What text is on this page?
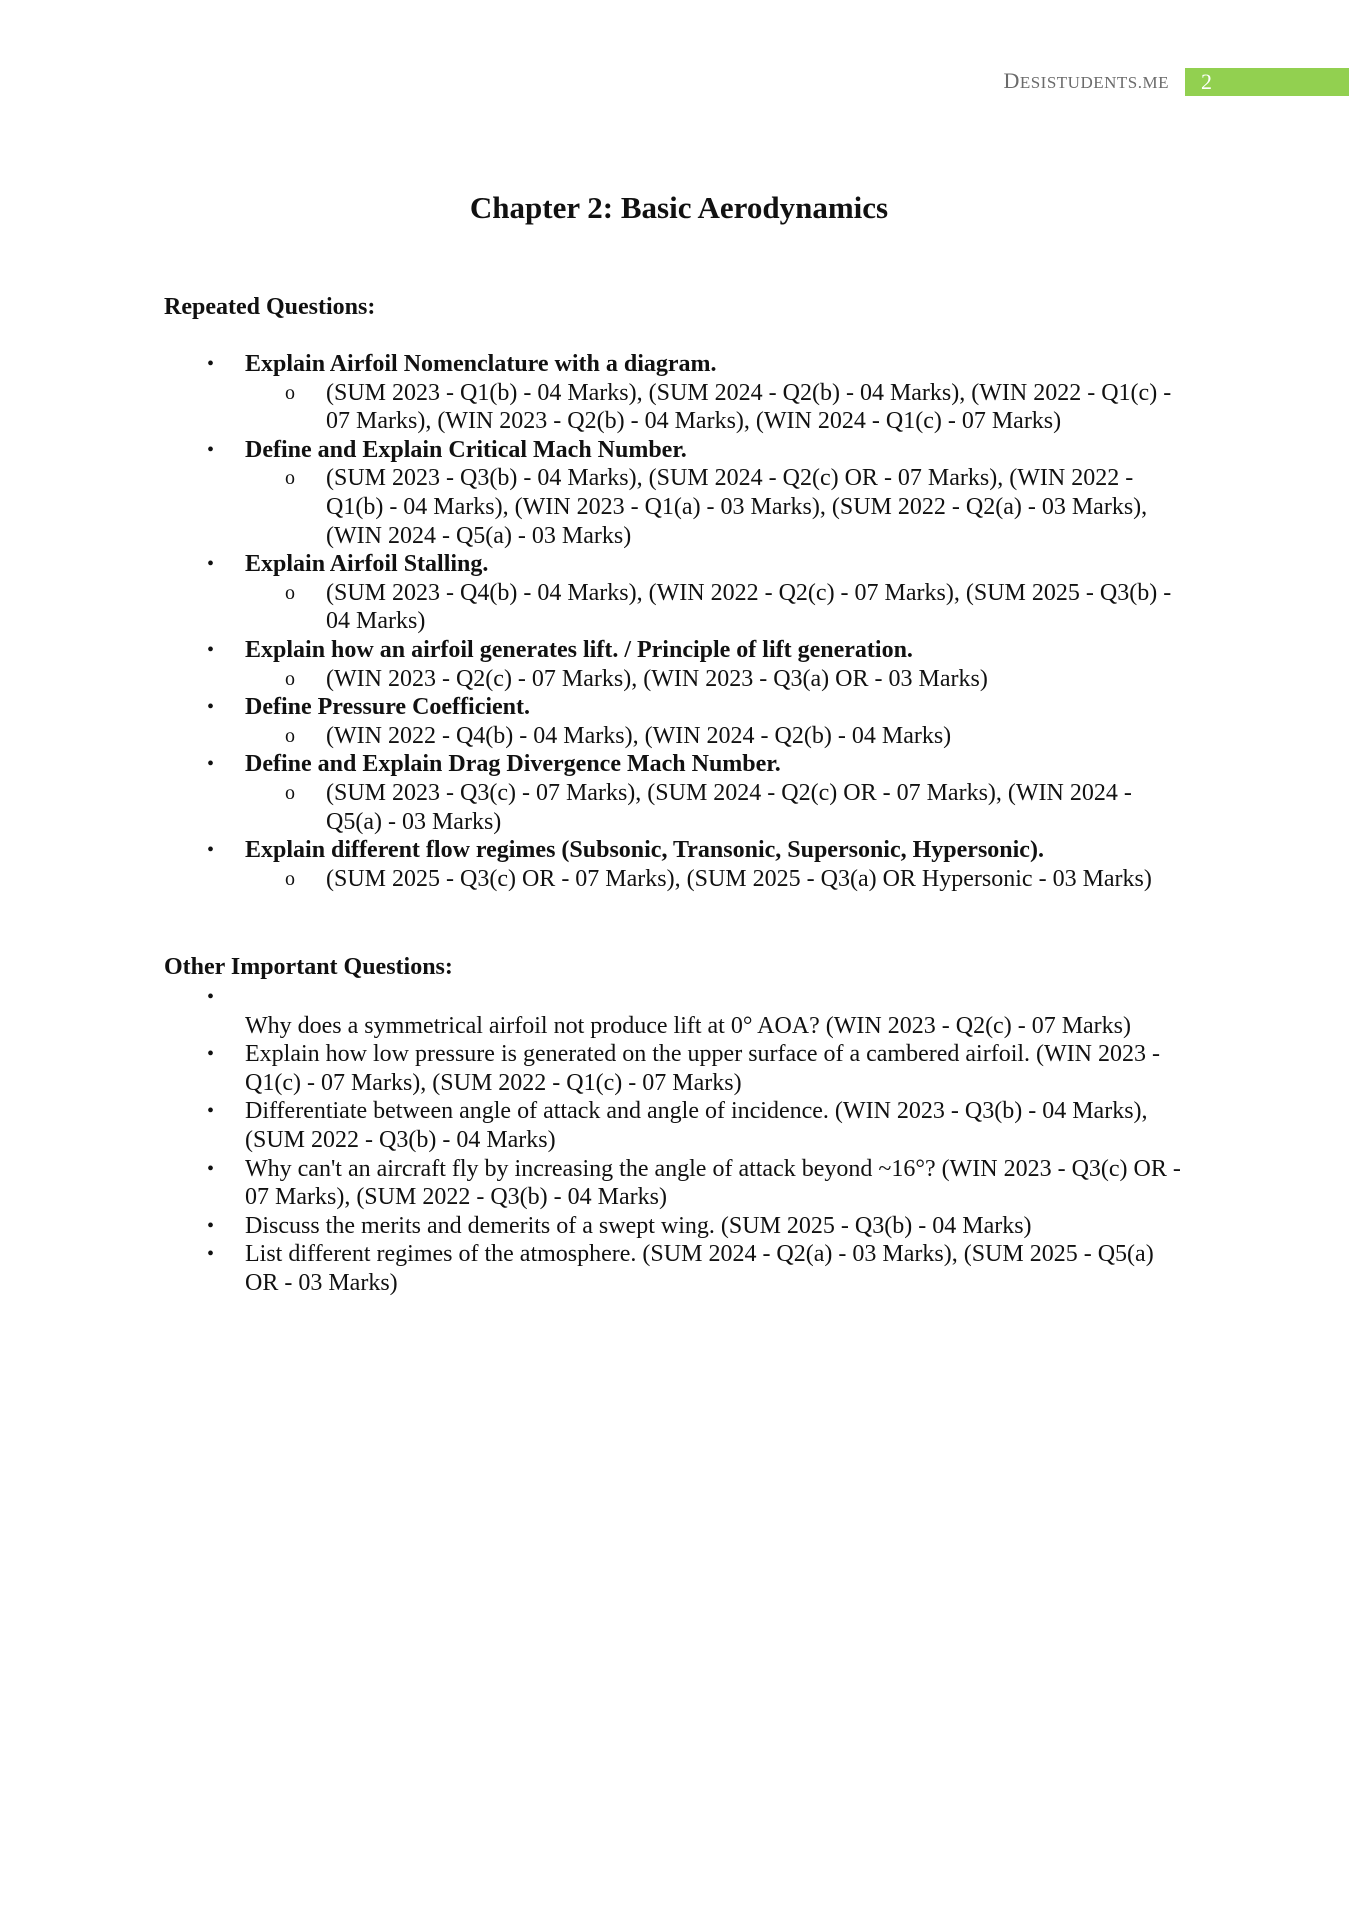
DESISTUDENTS.ME	2
Chapter 2: Basic Aerodynamics
Repeated Questions:
• Explain Airfoil Nomenclature with a diagram.
o (SUM 2023 - Q1(b) - 04 Marks), (SUM 2024 - Q2(b) - 04 Marks), (WIN 2022 - Q1(c) - 07 Marks), (WIN 2023 - Q2(b) - 04 Marks), (WIN 2024 - Q1(c) - 07 Marks)
• Define and Explain Critical Mach Number.
o (SUM 2023 - Q3(b) - 04 Marks), (SUM 2024 - Q2(c) OR - 07 Marks), (WIN 2022 - Q1(b) - 04 Marks), (WIN 2023 - Q1(a) - 03 Marks), (SUM 2022 - Q2(a) - 03 Marks), (WIN 2024 - Q5(a) - 03 Marks)
• Explain Airfoil Stalling.
o (SUM 2023 - Q4(b) - 04 Marks), (WIN 2022 - Q2(c) - 07 Marks), (SUM 2025 - Q3(b) - 04 Marks)
• Explain how an airfoil generates lift. / Principle of lift generation.
o (WIN 2023 - Q2(c) - 07 Marks), (WIN 2023 - Q3(a) OR - 03 Marks)
• Define Pressure Coefficient.
o (WIN 2022 - Q4(b) - 04 Marks), (WIN 2024 - Q2(b) - 04 Marks)
• Define and Explain Drag Divergence Mach Number.
o (SUM 2023 - Q3(c) - 07 Marks), (SUM 2024 - Q2(c) OR - 07 Marks), (WIN 2024 - Q5(a) - 03 Marks)
• Explain different flow regimes (Subsonic, Transonic, Supersonic, Hypersonic).
o (SUM 2025 - Q3(c) OR - 07 Marks), (SUM 2025 - Q3(a) OR Hypersonic - 03 Marks)
Other Important Questions:
• Why does a symmetrical airfoil not produce lift at 0° AOA? (WIN 2023 - Q2(c) - 07 Marks)
• Explain how low pressure is generated on the upper surface of a cambered airfoil. (WIN 2023 - Q1(c) - 07 Marks), (SUM 2022 - Q1(c) - 07 Marks)
• Differentiate between angle of attack and angle of incidence. (WIN 2023 - Q3(b) - 04 Marks), (SUM 2022 - Q3(b) - 04 Marks)
• Why can't an aircraft fly by increasing the angle of attack beyond ~16°? (WIN 2023 - Q3(c) OR - 07 Marks), (SUM 2022 - Q3(b) - 04 Marks)
• Discuss the merits and demerits of a swept wing. (SUM 2025 - Q3(b) - 04 Marks)
• List different regimes of the atmosphere. (SUM 2024 - Q2(a) - 03 Marks), (SUM 2025 - Q5(a) OR - 03 Marks)
